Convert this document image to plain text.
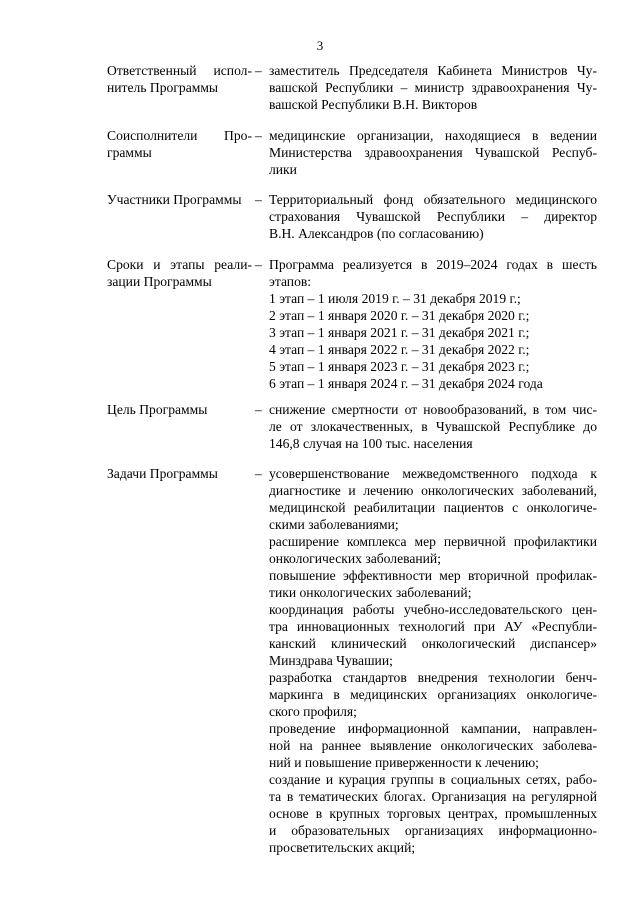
3
Ответственный испол-
нитель Программы
– заместитель Председателя Кабинета Министров Чу-
вашской Республики – министр здравоохранения Чу-
вашской Республики В.Н. Викторов
Соисполнители Про-
граммы
– медицинские организации, находящиеся в ведении
Министерства здравоохранения Чувашской Респуб-
лики
Участники Программы – Территориальный фонд обязательного медицинского
страхования Чувашской Республики – директор
В.Н. Александров (по согласованию)
Сроки и этапы реали-
зации Программы
– Программа реализуется в 2019–2024 годах в шесть
этапов:
1 этап – 1 июля 2019 г. – 31 декабря 2019 г.;
2 этап – 1 января 2020 г. – 31 декабря 2020 г.;
3 этап – 1 января 2021 г. – 31 декабря 2021 г.;
4 этап – 1 января 2022 г. – 31 декабря 2022 г.;
5 этап – 1 января 2023 г. – 31 декабря 2023 г.;
6 этап – 1 января 2024 г. – 31 декабря 2024 года
Цель Программы	– снижение смертности от новообразований, в том чис-
ле от злокачественных, в Чувашской Республике до
146,8 случая на 100 тыс. населения
Задачи Программы	– усовершенствование межведомственного подхода к
диагностике и лечению онкологических заболеваний,
медицинской реабилитации пациентов с онкологиче-
скими заболеваниями;
расширение комплекса мер первичной профилактики
онкологических заболеваний;
повышение эффективности мер вторичной профилак-
тики онкологических заболеваний;
координация работы учебно-исследовательского цен-
тра инновационных технологий при АУ «Республи-
канский клинический онкологический диспансер»
Минздрава Чувашии;
разработка стандартов внедрения технологии бенч-
маркинга в медицинских организациях онкологиче-
ского профиля;
проведение информационной кампании, направлен-
ной на раннее выявление онкологических заболева-
ний и повышение приверженности к лечению;
создание и курация группы в социальных сетях, рабо-
та в тематических блогах. Организация на регулярной
основе в крупных торговых центрах, промышленных
и образовательных организациях информационно-
просветительских акций;
